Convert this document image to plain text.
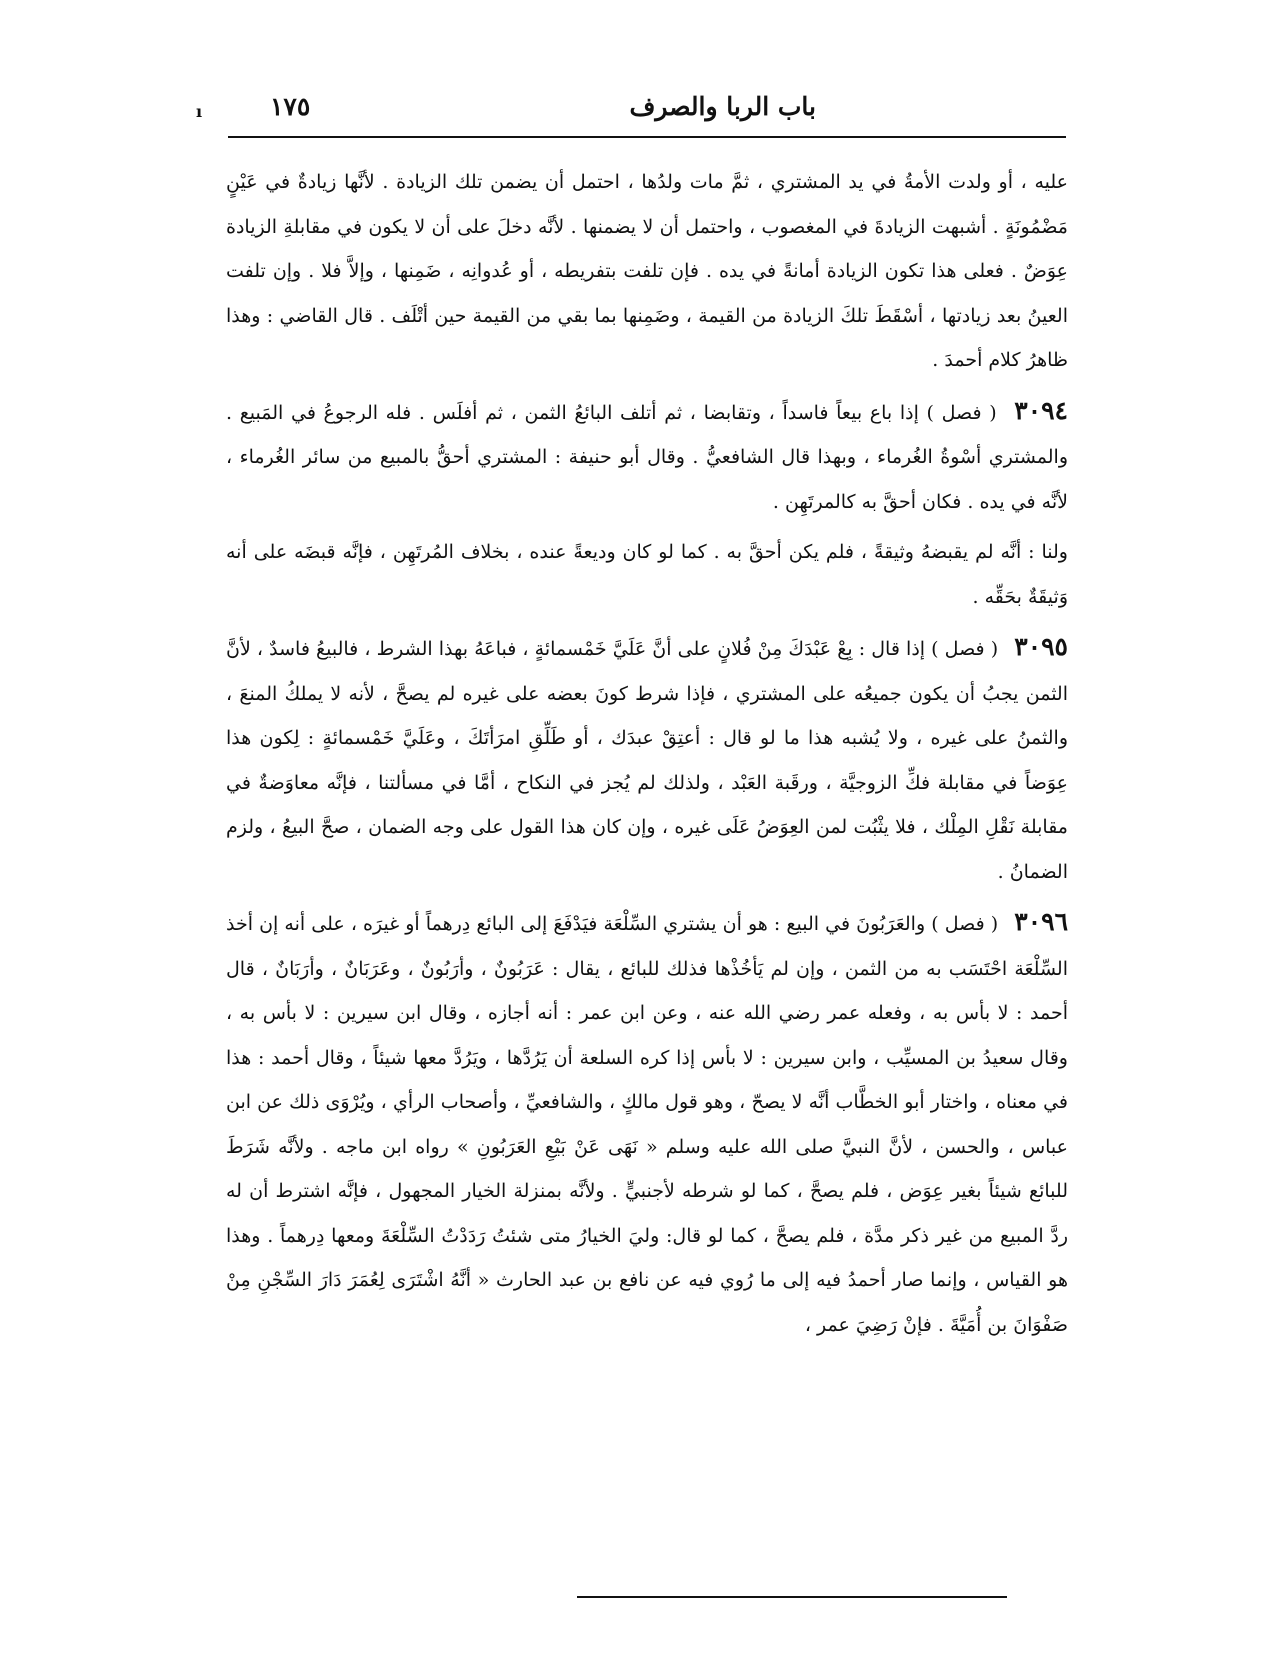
ı	١٧٥	باب الربا والصرف

عليه ، أو ولدت الأمةُ في يد المشتري ، ثمَّ مات ولدُها ، احتمل أن يضمن تلك الزيادة . لأنَّها زيادةٌ في عَيْنٍ مَضْمُونَةٍ . أشبهت الزيادةَ في المغصوب ، واحتمل أن لا يضمنها . لأنَّه دخلَ على أن لا يكون في مقابلةِ الزيادة عِوَضٌ . فعلى هذا تكون الزيادة أمانةً في يده . فإن تلفت بتفريطه ، أو عُدوانِه ، ضَمِنها ، وإلاَّ فلا . وإن تلفت العينُ بعد زيادتها ، أسْقَطَ تلكَ الزيادة من القيمة ، وضَمِنها بما بقي من القيمة حين أتْلَف . قال القاضي : وهذا ظاهرُ كلام أحمدَ .

٣٠٩٤ ( فصل ) إذا باع بيعاً فاسداً ، وتقابضا ، ثم أتلف البائعُ الثمن ، ثم أفلَس . فله الرجوعُ في المَبيع . والمشتري أسْوةُ الغُرماء ، وبهذا قال الشافعيُّ . وقال أبو حنيفة : المشتري أحقُّ بالمبيع من سائر الغُرماء ، لأنَّه في يده . فكان أحقَّ به كالمرتَهِن .

ولنا : أنَّه لم يقبضهُ وثيقةً ، فلم يكن أحقَّ به . كما لو كان وديعةً عنده ، بخلاف المُرتَهِن ، فإنَّه قبضَه على أنه وَثيقَةٌ بحَقِّه .

٣٠٩٥ ( فصل ) إذا قال : بِعْ عَبْدَكَ مِنْ فُلانٍ على أنَّ عَلَيَّ خَمْسمائةٍ ، فباعَهُ بهذا الشرط ، فالبيعُ فاسدٌ ، لأنَّ الثمن يجبُ أن يكون جميعُه على المشتري ، فإذا شرط كونَ بعضه على غيره لم يصحَّ ، لأنه لا يملكُ المنعَ ، والثمنُ على غيره ، ولا يُشبه هذا ما لو قال : أعتِقْ عبدَك ، أو طَلِّقِ امرَأتَكَ ، وعَلَيَّ خَمْسمائةٍ : لِكون هذا عِوَضاً في مقابلة فكِّ الزوجيَّة ، ورقَبة العَبْد ، ولذلك لم يُجز في النكاح ، أمَّا في مسألتنا ، فإنَّه معاوَضةٌ في مقابلة نَقْلِ المِلْك ، فلا يثْبُت لمن العِوَضُ عَلَى غيره ، وإن كان هذا القول على وجه الضمان ، صحَّ البيعُ ، ولزم الضمانُ .

٣٠٩٦ ( فصل ) والعَرَبُونَ في البيع : هو أن يشتري السِّلْعَة فيَدْفَعَ إلى البائع دِرهماً أو غيرَه ، على أنه إن أخذ السِّلْعَة احْتَسَب به من الثمن ، وإن لم يَأخُذْها فذلك للبائع ، يقال : عَرَبُونٌ ، وأرَبُونٌ ، وعَرَبَانٌ ، وأرَبَانٌ ، قال أحمد : لا بأس به ، وفعله عمر رضي الله عنه ، وعن ابن عمر : أنه أجازه ، وقال ابن سيرين : لا بأس به ، وقال سعيدُ بن المسيِّب ، وابن سيرين : لا بأس إذا كره السلعة أن يَرُدَّها ، ويَرُدَّ معها شيئاً ، وقال أحمد : هذا في معناه ، واختار أبو الخطَّاب أنَّه لا يصحّ ، وهو قول مالكٍ ، والشافعيِّ ، وأصحاب الرأي ، ويُرْوَى ذلك عن ابن عباس ، والحسن ، لأنَّ النبيَّ صلى الله عليه وسلم « نَهَى عَنْ بَيْعِ العَرَبُونِ » رواه ابن ماجه . ولأنَّه شَرَطَ للبائع شيئاً بغير عِوَض ، فلم يصحَّ ، كما لو شرطه لأجنبيٍّ . ولأنَّه بمنزلة الخيار المجهول ، فإنَّه اشترط أن له ردَّ المبيع من غير ذكر مدَّة ، فلم يصحَّ ، كما لو قال: وليَ الخيارُ متى شئتُ رَدَدْتُ السِّلْعَةَ ومعها دِرهماً . وهذا هو القياس ، وإنما صار أحمدُ فيه إلى ما رُوي فيه عن نافع بن عبد الحارث « أنَّهُ اشْتَرَى لِعُمَرَ دَارَ السِّجْنِ مِنْ صَفْوَانَ بن أُمَيَّةَ . فإنْ رَضِيَ عمر ،
